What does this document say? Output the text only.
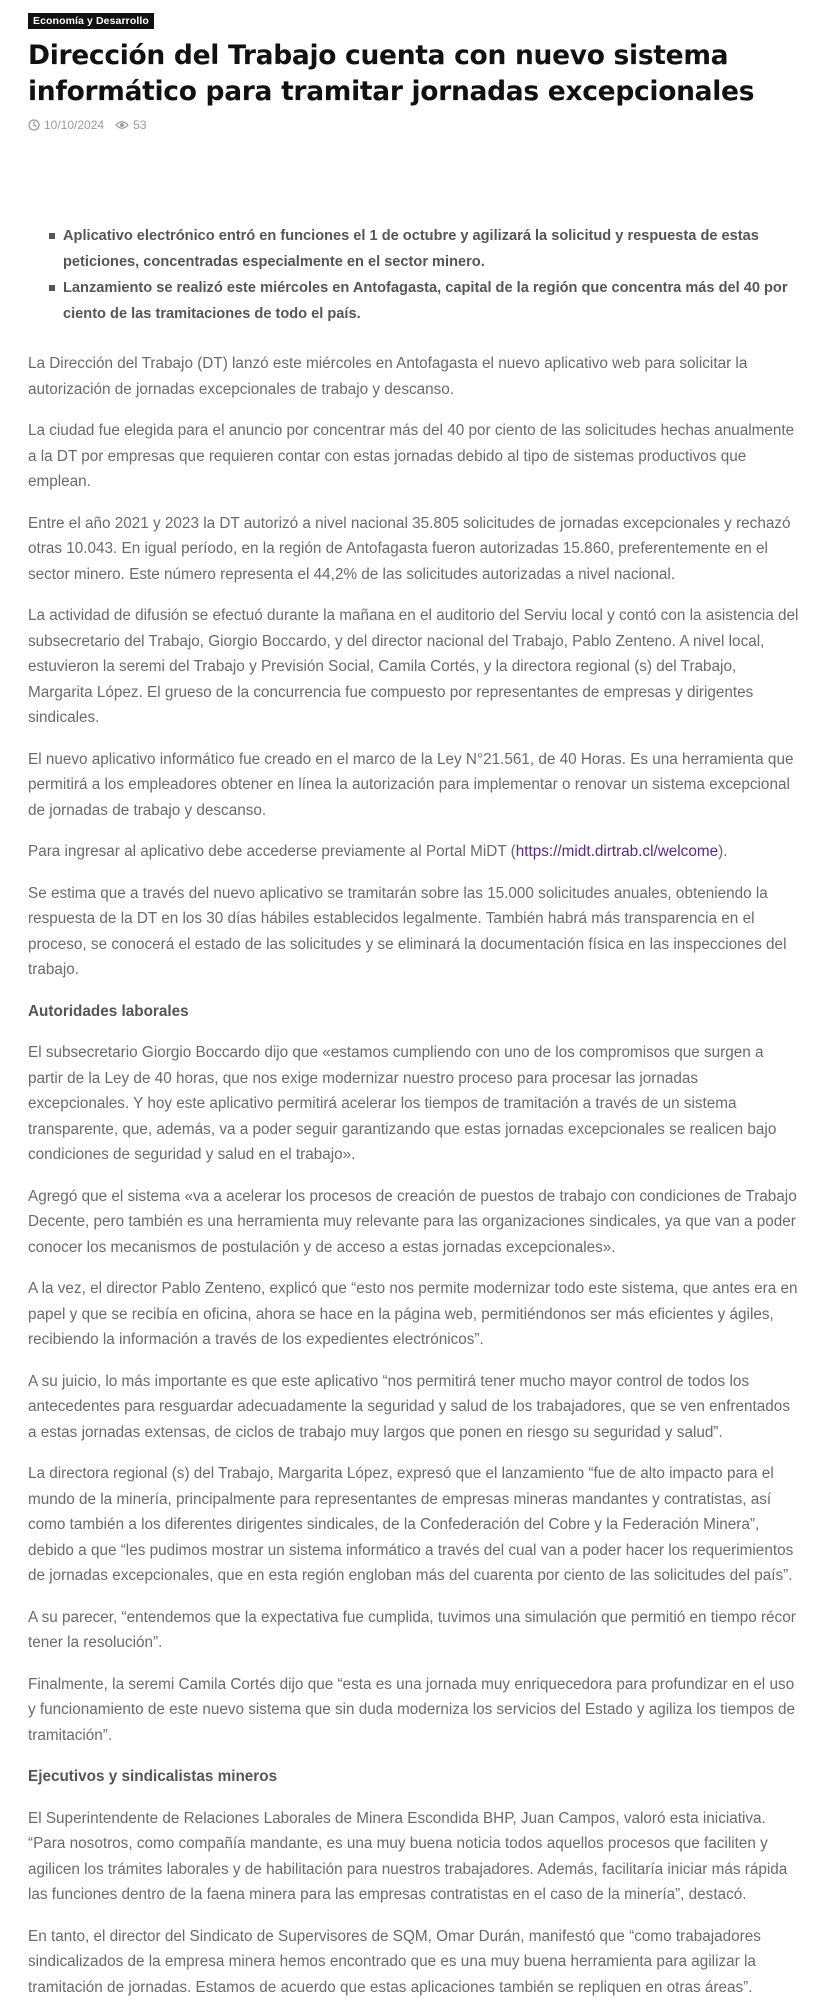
Economía y Desarrollo
Dirección del Trabajo cuenta con nuevo sistema informático para tramitar jornadas excepcionales
10/10/2024 53
Aplicativo electrónico entró en funciones el 1 de octubre y agilizará la solicitud y respuesta de estas peticiones, concentradas especialmente en el sector minero.
Lanzamiento se realizó este miércoles en Antofagasta, capital de la región que concentra más del 40 por ciento de las tramitaciones de todo el país.

La Dirección del Trabajo (DT) lanzó este miércoles en Antofagasta el nuevo aplicativo web para solicitar la autorización de jornadas excepcionales de trabajo y descanso.

La ciudad fue elegida para el anuncio por concentrar más del 40 por ciento de las solicitudes hechas anualmente a la DT por empresas que requieren contar con estas jornadas debido al tipo de sistemas productivos que emplean.

Entre el año 2021 y 2023 la DT autorizó a nivel nacional 35.805 solicitudes de jornadas excepcionales y rechazó otras 10.043. En igual período, en la región de Antofagasta fueron autorizadas 15.860, preferentemente en el sector minero. Este número representa el 44,2% de las solicitudes autorizadas a nivel nacional.

La actividad de difusión se efectuó durante la mañana en el auditorio del Serviu local y contó con la asistencia del subsecretario del Trabajo, Giorgio Boccardo, y del director nacional del Trabajo, Pablo Zenteno. A nivel local, estuvieron la seremi del Trabajo y Previsión Social, Camila Cortés, y la directora regional (s) del Trabajo, Margarita López. El grueso de la concurrencia fue compuesto por representantes de empresas y dirigentes sindicales.

El nuevo aplicativo informático fue creado en el marco de la Ley N°21.561, de 40 Horas. Es una herramienta que permitirá a los empleadores obtener en línea la autorización para implementar o renovar un sistema excepcional de jornadas de trabajo y descanso.

Para ingresar al aplicativo debe accederse previamente al Portal MiDT (https://midt.dirtrab.cl/welcome).

Se estima que a través del nuevo aplicativo se tramitarán sobre las 15.000 solicitudes anuales, obteniendo la respuesta de la DT en los 30 días hábiles establecidos legalmente. También habrá más transparencia en el proceso, se conocerá el estado de las solicitudes y se eliminará la documentación física en las inspecciones del trabajo.

Autoridades laborales

El subsecretario Giorgio Boccardo dijo que «estamos cumpliendo con uno de los compromisos que surgen a partir de la Ley de 40 horas, que nos exige modernizar nuestro proceso para procesar las jornadas excepcionales. Y hoy este aplicativo permitirá acelerar los tiempos de tramitación a través de un sistema transparente, que, además, va a poder seguir garantizando que estas jornadas excepcionales se realicen bajo condiciones de seguridad y salud en el trabajo».

Agregó que el sistema «va a acelerar los procesos de creación de puestos de trabajo con condiciones de Trabajo Decente, pero también es una herramienta muy relevante para las organizaciones sindicales, ya que van a poder conocer los mecanismos de postulación y de acceso a estas jornadas excepcionales».

A la vez, el director Pablo Zenteno, explicó que “esto nos permite modernizar todo este sistema, que antes era en papel y que se recibía en oficina, ahora se hace en la página web, permitiéndonos ser más eficientes y ágiles, recibiendo la información a través de los expedientes electrónicos”.

A su juicio, lo más importante es que este aplicativo “nos permitirá tener mucho mayor control de todos los antecedentes para resguardar adecuadamente la seguridad y salud de los trabajadores, que se ven enfrentados a estas jornadas extensas, de ciclos de trabajo muy largos que ponen en riesgo su seguridad y salud”.

La directora regional (s) del Trabajo, Margarita López, expresó que el lanzamiento “fue de alto impacto para el mundo de la minería, principalmente para representantes de empresas mineras mandantes y contratistas, así como también a los diferentes dirigentes sindicales, de la Confederación del Cobre y la Federación Minera”, debido a que “les pudimos mostrar un sistema informático a través del cual van a poder hacer los requerimientos de jornadas excepcionales, que en esta región engloban más del cuarenta por ciento de las solicitudes del país”.

A su parecer, “entendemos que la expectativa fue cumplida, tuvimos una simulación que permitió en tiempo récor tener la resolución”.

Finalmente, la seremi Camila Cortés dijo que “esta es una jornada muy enriquecedora para profundizar en el uso y funcionamiento de este nuevo sistema que sin duda moderniza los servicios del Estado y agiliza los tiempos de tramitación”.

Ejecutivos y sindicalistas mineros

El Superintendente de Relaciones Laborales de Minera Escondida BHP, Juan Campos, valoró esta iniciativa. “Para nosotros, como compañía mandante, es una muy buena noticia todos aquellos procesos que faciliten y agilicen los trámites laborales y de habilitación para nuestros trabajadores. Además, facilitaría iniciar más rápida las funciones dentro de la faena minera para las empresas contratistas en el caso de la minería”, destacó.

En tanto, el director del Sindicato de Supervisores de SQM, Omar Durán, manifestó que “como trabajadores sindicalizados de la empresa minera hemos encontrado que es una muy buena herramienta para agilizar la tramitación de jornadas. Estamos de acuerdo que estas aplicaciones también se repliquen en otras áreas”.
